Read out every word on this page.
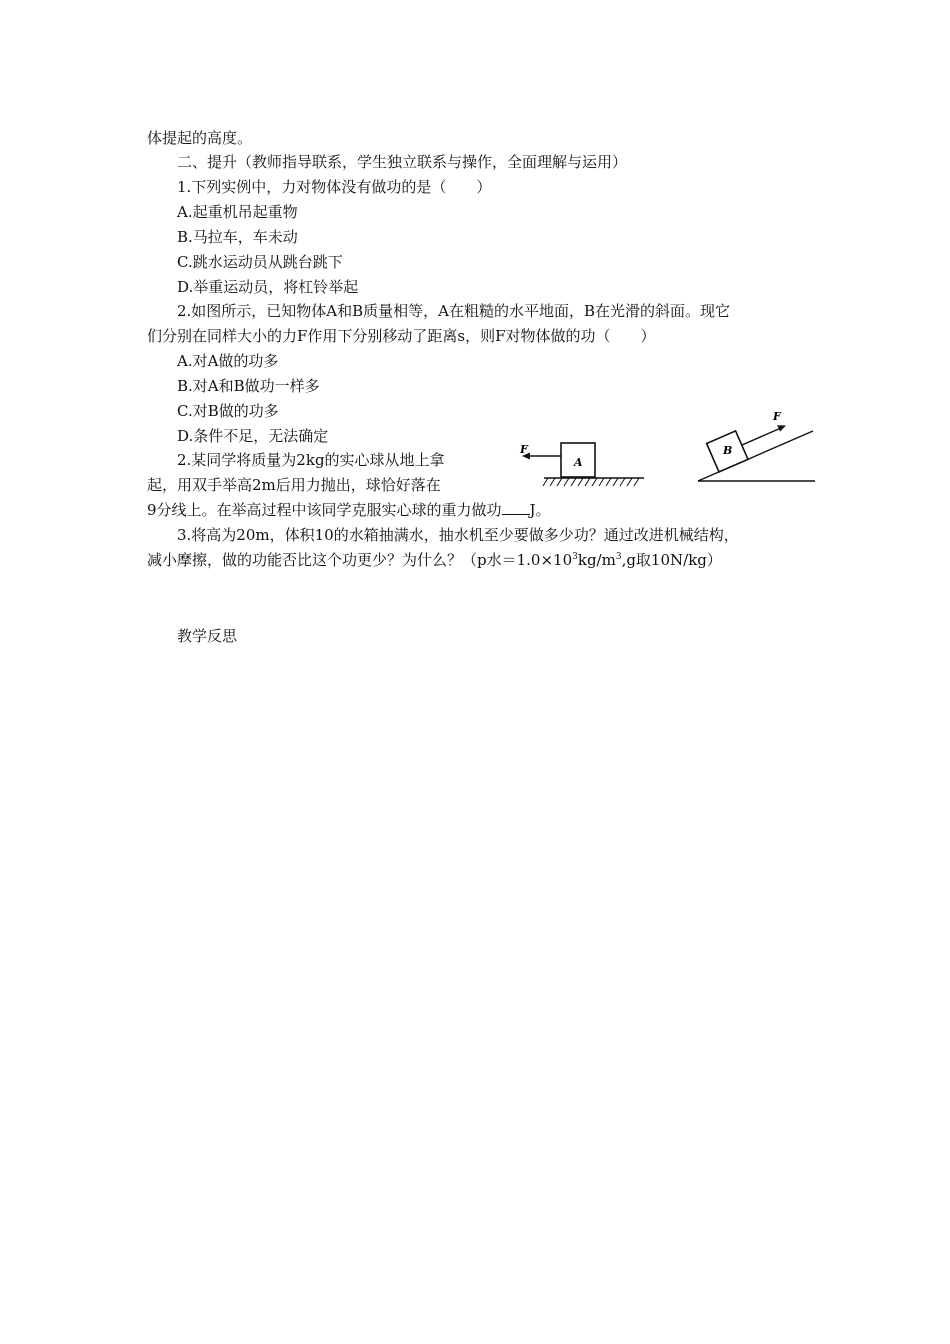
体提起的高度。
二、提升（教师指导联系，学生独立联系与操作，全面理解与运用）
1.下列实例中，力对物体没有做功的是（　　）
A.起重机吊起重物
B.马拉车，车未动
C.跳水运动员从跳台跳下
D.举重运动员，将杠铃举起
2.如图所示，已知物体A和B质量相等，A在粗糙的水平地面，B在光滑的斜面。现它
们分别在同样大小的力F作用下分别移动了距离s，则F对物体做的功（　　）
A.对A做的功多
B.对A和B做功一样多
C.对B做的功多
D.条件不足，无法确定
2.某同学将质量为2kg的实心球从地上拿
起，用双手举高2m后用力抛出，球恰好落在
9分线上。在举高过程中该同学克服实心球的重力做功 J。
3.将高为20m，体积10的水箱抽满水，抽水机至少要做多少功？通过改进机械结构，
减小摩擦，做的功能否比这个功更少？为什么？（p水$=1.0\times 10^3kg/m^3,g$取10N/kg）
教学反思
A
F	B
F
